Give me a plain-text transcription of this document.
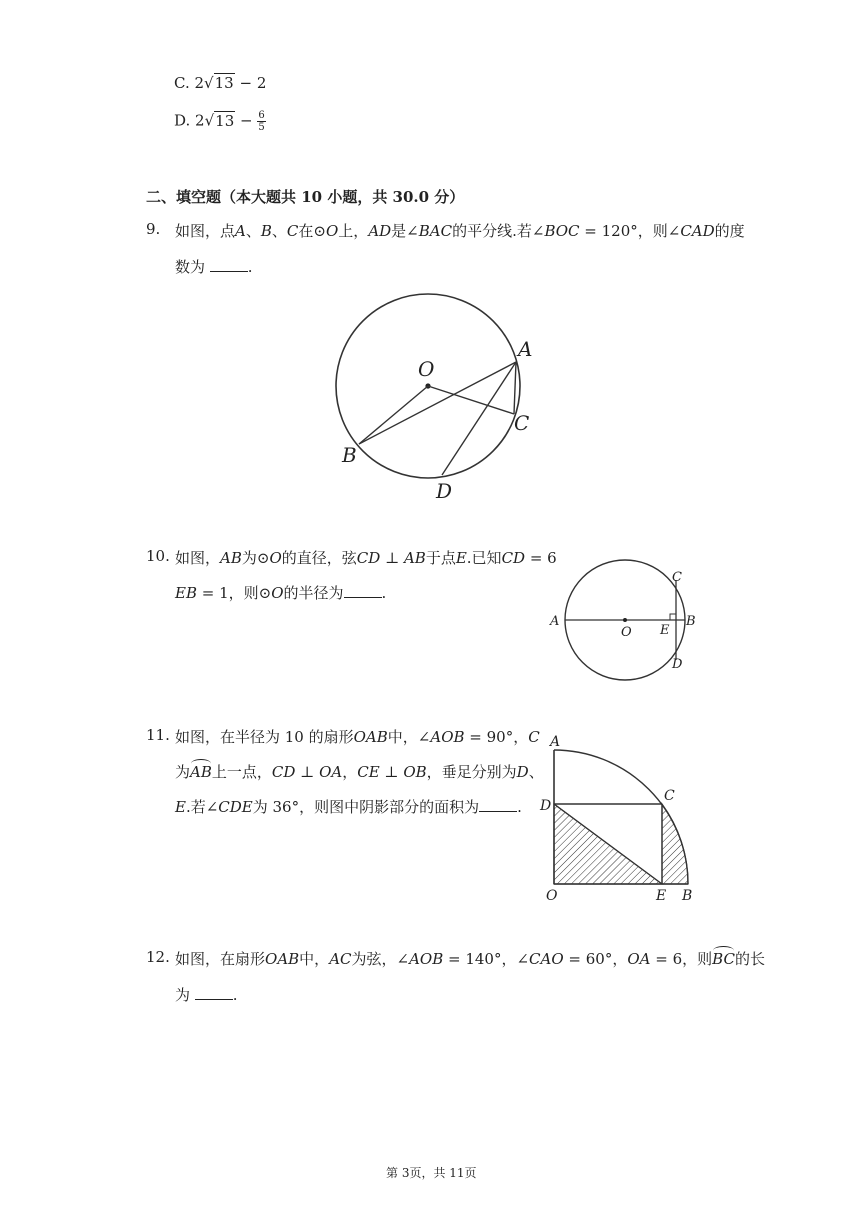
C. 2√13 − 2
D. $2√13 - \frac{6}{5}$
二、填空题（本大题共 10 小题，共 30.0 分）
9. 如图，点A、B、C在⊙O上，AD是∠BAC的平分线.若∠BOC = 120°，则∠CAD的度
数为	.
O
A
B
C
D
10. 如图，AB为⊙O的直径，弦CD ⊥ AB于点E.已知CD = 6
EB = 1，则⊙O的半径为	.
A
O E
B
C
D
11. 如图，在半径为 10 的扇形OAB中，∠AOB = 90°，C
为AB上一点，CD ⊥ OA，CE ⊥ OB，垂足分别为D、
E.若∠CDE为 36°，则图中阴影部分的面积为	.
A
D
C
O	E B
12. 如图，在扇形OAB中，AC为弦，∠AOB = 140°，∠CAO = 60°，OA = 6，则BC的长
为	.
第 3页，共 11页
